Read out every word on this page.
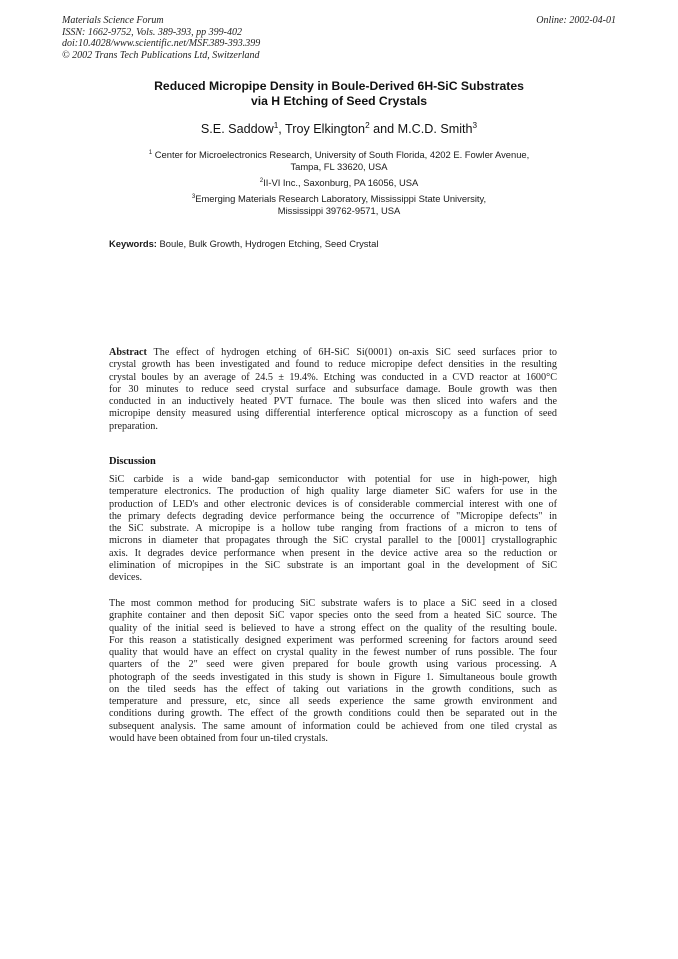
Materials Science Forum
ISSN: 1662-9752, Vols. 389-393, pp 399-402
doi:10.4028/www.scientific.net/MSF.389-393.399
© 2002 Trans Tech Publications Ltd, Switzerland
Online: 2002-04-01
Reduced Micropipe Density in Boule-Derived 6H-SiC Substrates
via H Etching of Seed Crystals
S.E. Saddow$^1$, Troy Elkington$^2$ and M.C.D. Smith$^3$
$^1$ Center for Microelectronics Research, University of South Florida, 4202 E. Fowler Avenue,
Tampa, FL 33620, USA
$^2$II-VI Inc., Saxonburg, PA 16056, USA
$^3$Emerging Materials Research Laboratory, Mississippi State University,
Mississippi 39762-9571, USA
Keywords: Boule, Bulk Growth, Hydrogen Etching, Seed Crystal
Abstract The effect of hydrogen etching of 6H-SiC Si(0001) on-axis SiC seed surfaces prior to
crystal growth has been investigated and found to reduce micropipe defect densities in the resulting
crystal boules by an average of 24.5 ± 19.4%. Etching was conducted in a CVD reactor at 1600°C
for 30 minutes to reduce seed crystal surface and subsurface damage. Boule growth was then
conducted in an inductively heated PVT furnace. The boule was then sliced into wafers and the
micropipe density measured using differential interference optical microscopy as a function of seed
preparation.
Discussion
SiC carbide is a wide band-gap semiconductor with potential for use in high-power, high
temperature electronics. The production of high quality large diameter SiC wafers for use in the
production of LED's and other electronic devices is of considerable commercial interest with one of
the primary defects degrading device performance being the occurrence of "Micropipe defects" in
the SiC substrate. A micropipe is a hollow tube ranging from fractions of a micron to tens of
microns in diameter that propagates through the SiC crystal parallel to the [0001] crystallographic
axis. It degrades device performance when present in the device active area so the reduction or
elimination of micropipes in the SiC substrate is an important goal in the development of SiC
devices.
The most common method for producing SiC substrate wafers is to place a SiC seed in a closed
graphite container and then deposit SiC vapor species onto the seed from a heated SiC source. The
quality of the initial seed is believed to have a strong effect on the quality of the resulting boule.
For this reason a statistically designed experiment was performed screening for factors around seed
quality that would have an effect on crystal quality in the fewest number of runs possible. The four
quarters of the 2" seed were given prepared for boule growth using various processing. A
photograph of the seeds investigated in this study is shown in Figure 1. Simultaneous boule growth
on the tiled seeds has the effect of taking out variations in the growth conditions, such as
temperature and pressure, etc, since all seeds experience the same growth environment and
conditions during growth. The effect of the growth conditions could then be separated out in the
subsequent analysis. The same amount of information could be achieved from one tiled crystal as
would have been obtained from four un-tiled crystals.
